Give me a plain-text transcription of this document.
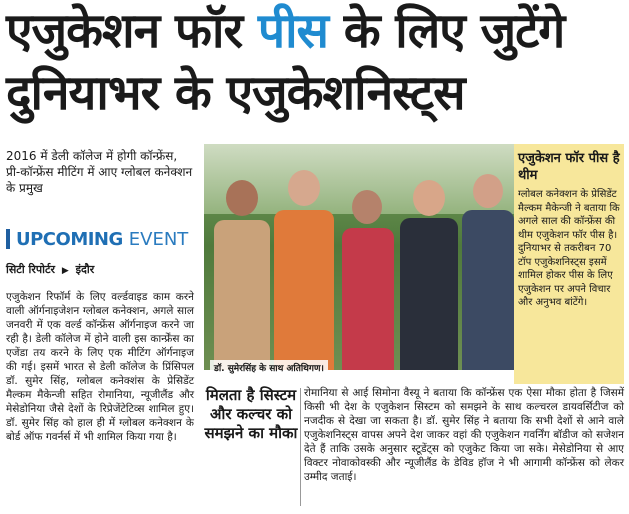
एजुकेशन फॉर पीस के लिए जुटेंगे
दुनियाभर के एजुकेशनिस्ट्स
2016 में डेली कॉलेज में होगी कॉन्फ्रेंस, प्री-कॉन्फ्रेंस मीटिंग में आए ग्लोबल कनेक्शन के प्रमुख
UPCOMING EVENT
सिटी रिपोर्टर ▶ इंदौर
एजुकेशन रिफॉर्म के लिए वर्ल्डवाइड काम करने वाली ऑर्गनाइजेशन ग्लोबल कनेक्शन, अगले साल जनवरी में एक वर्ल्ड कॉन्फ्रेंस ऑर्गनाइज करने जा रही है। डेली कॉलेज में होने वाली इस कार्न्फ्रेंस का एजेंडा तय करने के लिए एक मीटिंग ऑर्गनाइज की गई। इसमें भारत से डेली कॉलेज के प्रिंसिपल डॉ. सुमेर सिंह, ग्लोबल कनेक्शंस के प्रेसिडेंट मैल्कम मैकेन्जी सहित रोमानिया, न्यूजीलैंड और मेसेडोनिया जैसे देशों के रिप्रेजेंटेटिव्स शामिल हुए। डॉ. सुमेर सिंह को हाल ही में ग्लोबल कनेक्शन के बोर्ड ऑफ गवर्नर्स में भी शामिल किया गया है।
डॉ. सुमेरसिंह के साथ अतिथिगण।
एजुकेशन फॉर पीस है थीम
ग्लोबल कनेक्शन के प्रेसिडेंट मैल्कम मैकेन्जी ने बताया कि अगले साल की कॉन्फ्रेंस की थीम एजुकेशन फॉर पीस है। दुनियाभर से तकरीबन 70 टॉप एजुकेशनिस्ट्स इसमें शामिल होकर पीस के लिए एजुकेशन पर अपने विचार और अनुभव बांटेंगे।
मिलता है सिस्टम और कल्चर को समझने का मौका
रोमानिया से आई सिमोना वैस्यू ने बताया कि कॉन्फ्रेंस एक ऐसा मौका होता है जिसमें किसी भी देश के एजुकेशन सिस्टम को समझने के साथ कल्चरल डायवर्सिटीज को नजदीक से देखा जा सकता है। डॉ. सुमेर सिंह ने बताया कि सभी देशों से आने वाले एजुकेशनिस्ट्स वापस अपने देश जाकर वहां की एजुकेशन गवर्निंग बॉडीज को सजेशन देते हैं ताकि उसके अनुसार स्टूडेंट्स को एजुकेट किया जा सके। मेसेडोनिया से आए विक्टर नोवाकोवस्की और न्यूजीलैंड के डेविड हॉज ने भी आगामी कॉन्फ्रेंस को लेकर उम्मीद जताई।
